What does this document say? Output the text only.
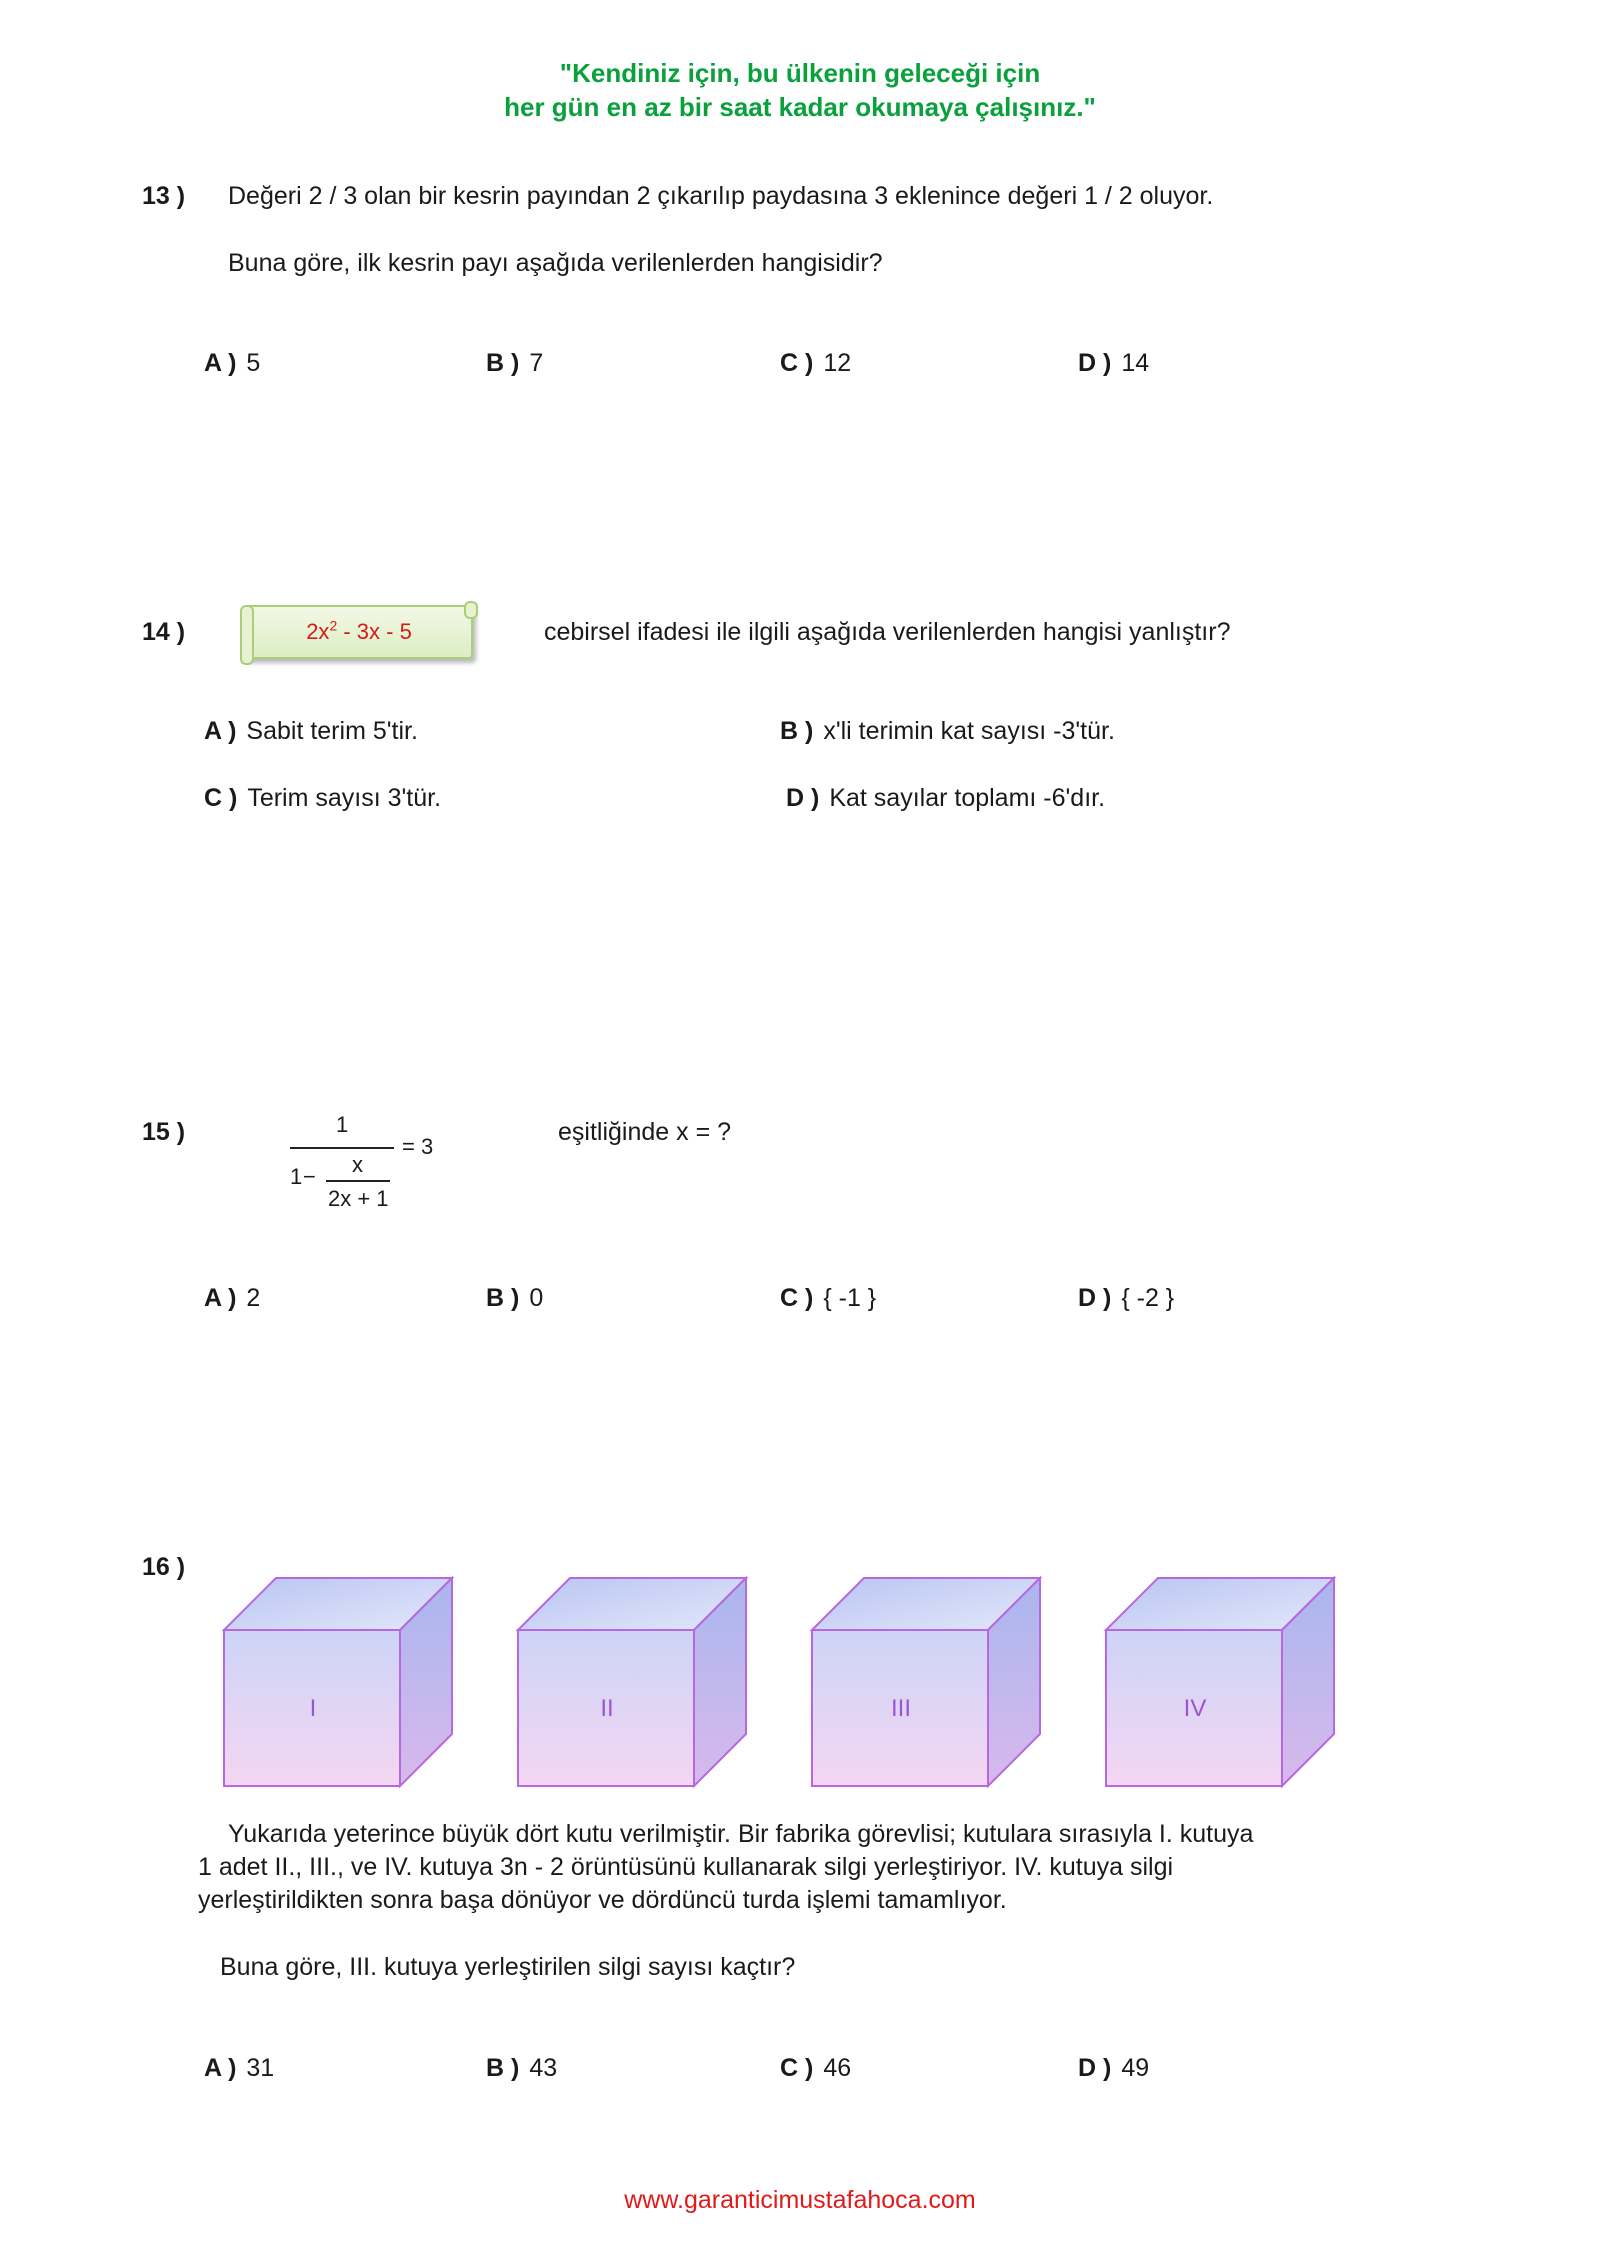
"Kendiniz için, bu ülkenin geleceği için
her gün en az bir saat kadar okumaya çalışınız."
13 ) Değeri 2 / 3 olan bir kesrin payından 2 çıkarılıp paydasına 3 eklenince değeri 1 / 2 oluyor.
Buna göre, ilk kesrin payı aşağıda verilenlerden hangisidir?
A ) 5	B ) 7	C ) 12	D ) 14
14 )	$2x^2 - 3x - 5$	cebirsel ifadesi ile ilgili aşağıda verilenlerden hangisi yanlıştır?
A ) Sabit terim 5'tir.	B ) x'li terimin kat sayısı -3'tür.
C ) Terim sayısı 3'tür.	D ) Kat sayılar toplamı -6'dır.
15 )	1
= 3
1 − x
2x + 1
eşitliğinde x = ?
A ) 2	B ) 0	C ) { -1 }	D ) { -2 }
16 )
I	II	III	IV
Yukarıda yeterince büyük dört kutu verilmiştir. Bir fabrika görevlisi; kutulara sırasıyla I. kutuya
1 adet II., III., ve IV. kutuya 3n - 2 örüntüsünü kullanarak silgi yerleştiriyor. IV. kutuya silgi
yerleştirildikten sonra başa dönüyor ve dördüncü turda işlemi tamamlıyor.
Buna göre, III. kutuya yerleştirilen silgi sayısı kaçtır?
A ) 31	B ) 43	C ) 46	D ) 49
www.garanticimustafahoca.com
